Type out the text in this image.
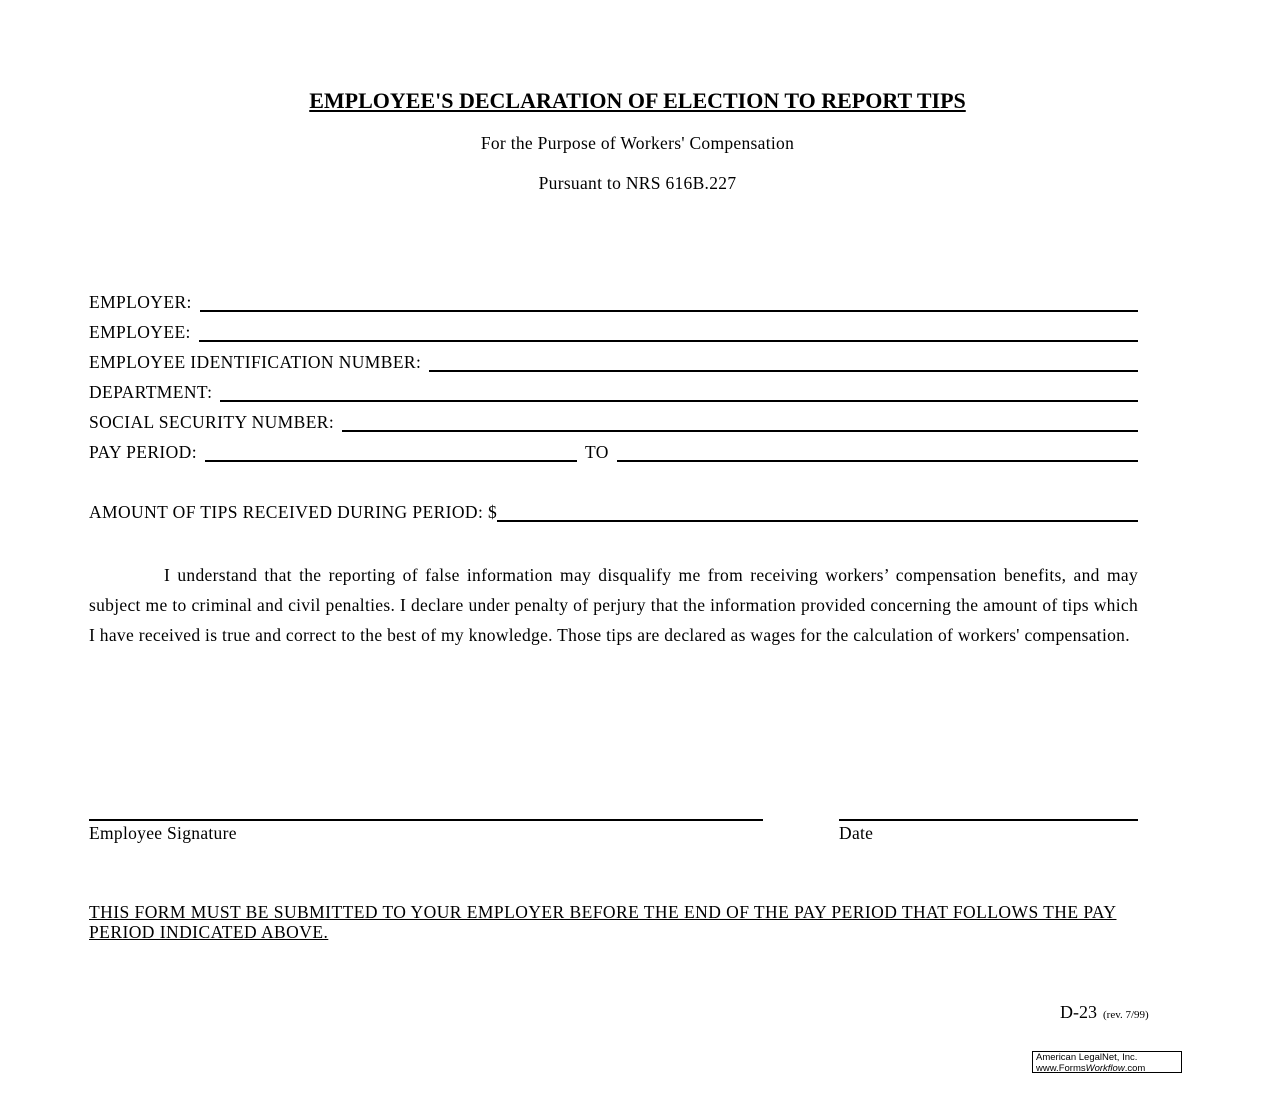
EMPLOYEE'S DECLARATION OF ELECTION TO REPORT TIPS
For the Purpose of Workers' Compensation
Pursuant to NRS 616B.227
EMPLOYER:
EMPLOYEE:
EMPLOYEE IDENTIFICATION NUMBER:
DEPARTMENT:
SOCIAL SECURITY NUMBER:
PAY PERIOD:	TO
AMOUNT OF TIPS RECEIVED DURING PERIOD: $
I understand that the reporting of false information may disqualify me from receiving workers’ compensation benefits, and may subject me to criminal and civil penalties. I declare under penalty of perjury that the information provided concerning the amount of tips which I have received is true and correct to the best of my knowledge. Those tips are declared as wages for the calculation of workers' compensation.
Employee Signature	Date
THIS FORM MUST BE SUBMITTED TO YOUR EMPLOYER BEFORE THE END OF THE PAY PERIOD THAT FOLLOWS THE PAY PERIOD INDICATED ABOVE.
D-23 (rev. 7/99)
American LegalNet, Inc.
www.FormsWorkflow.com
